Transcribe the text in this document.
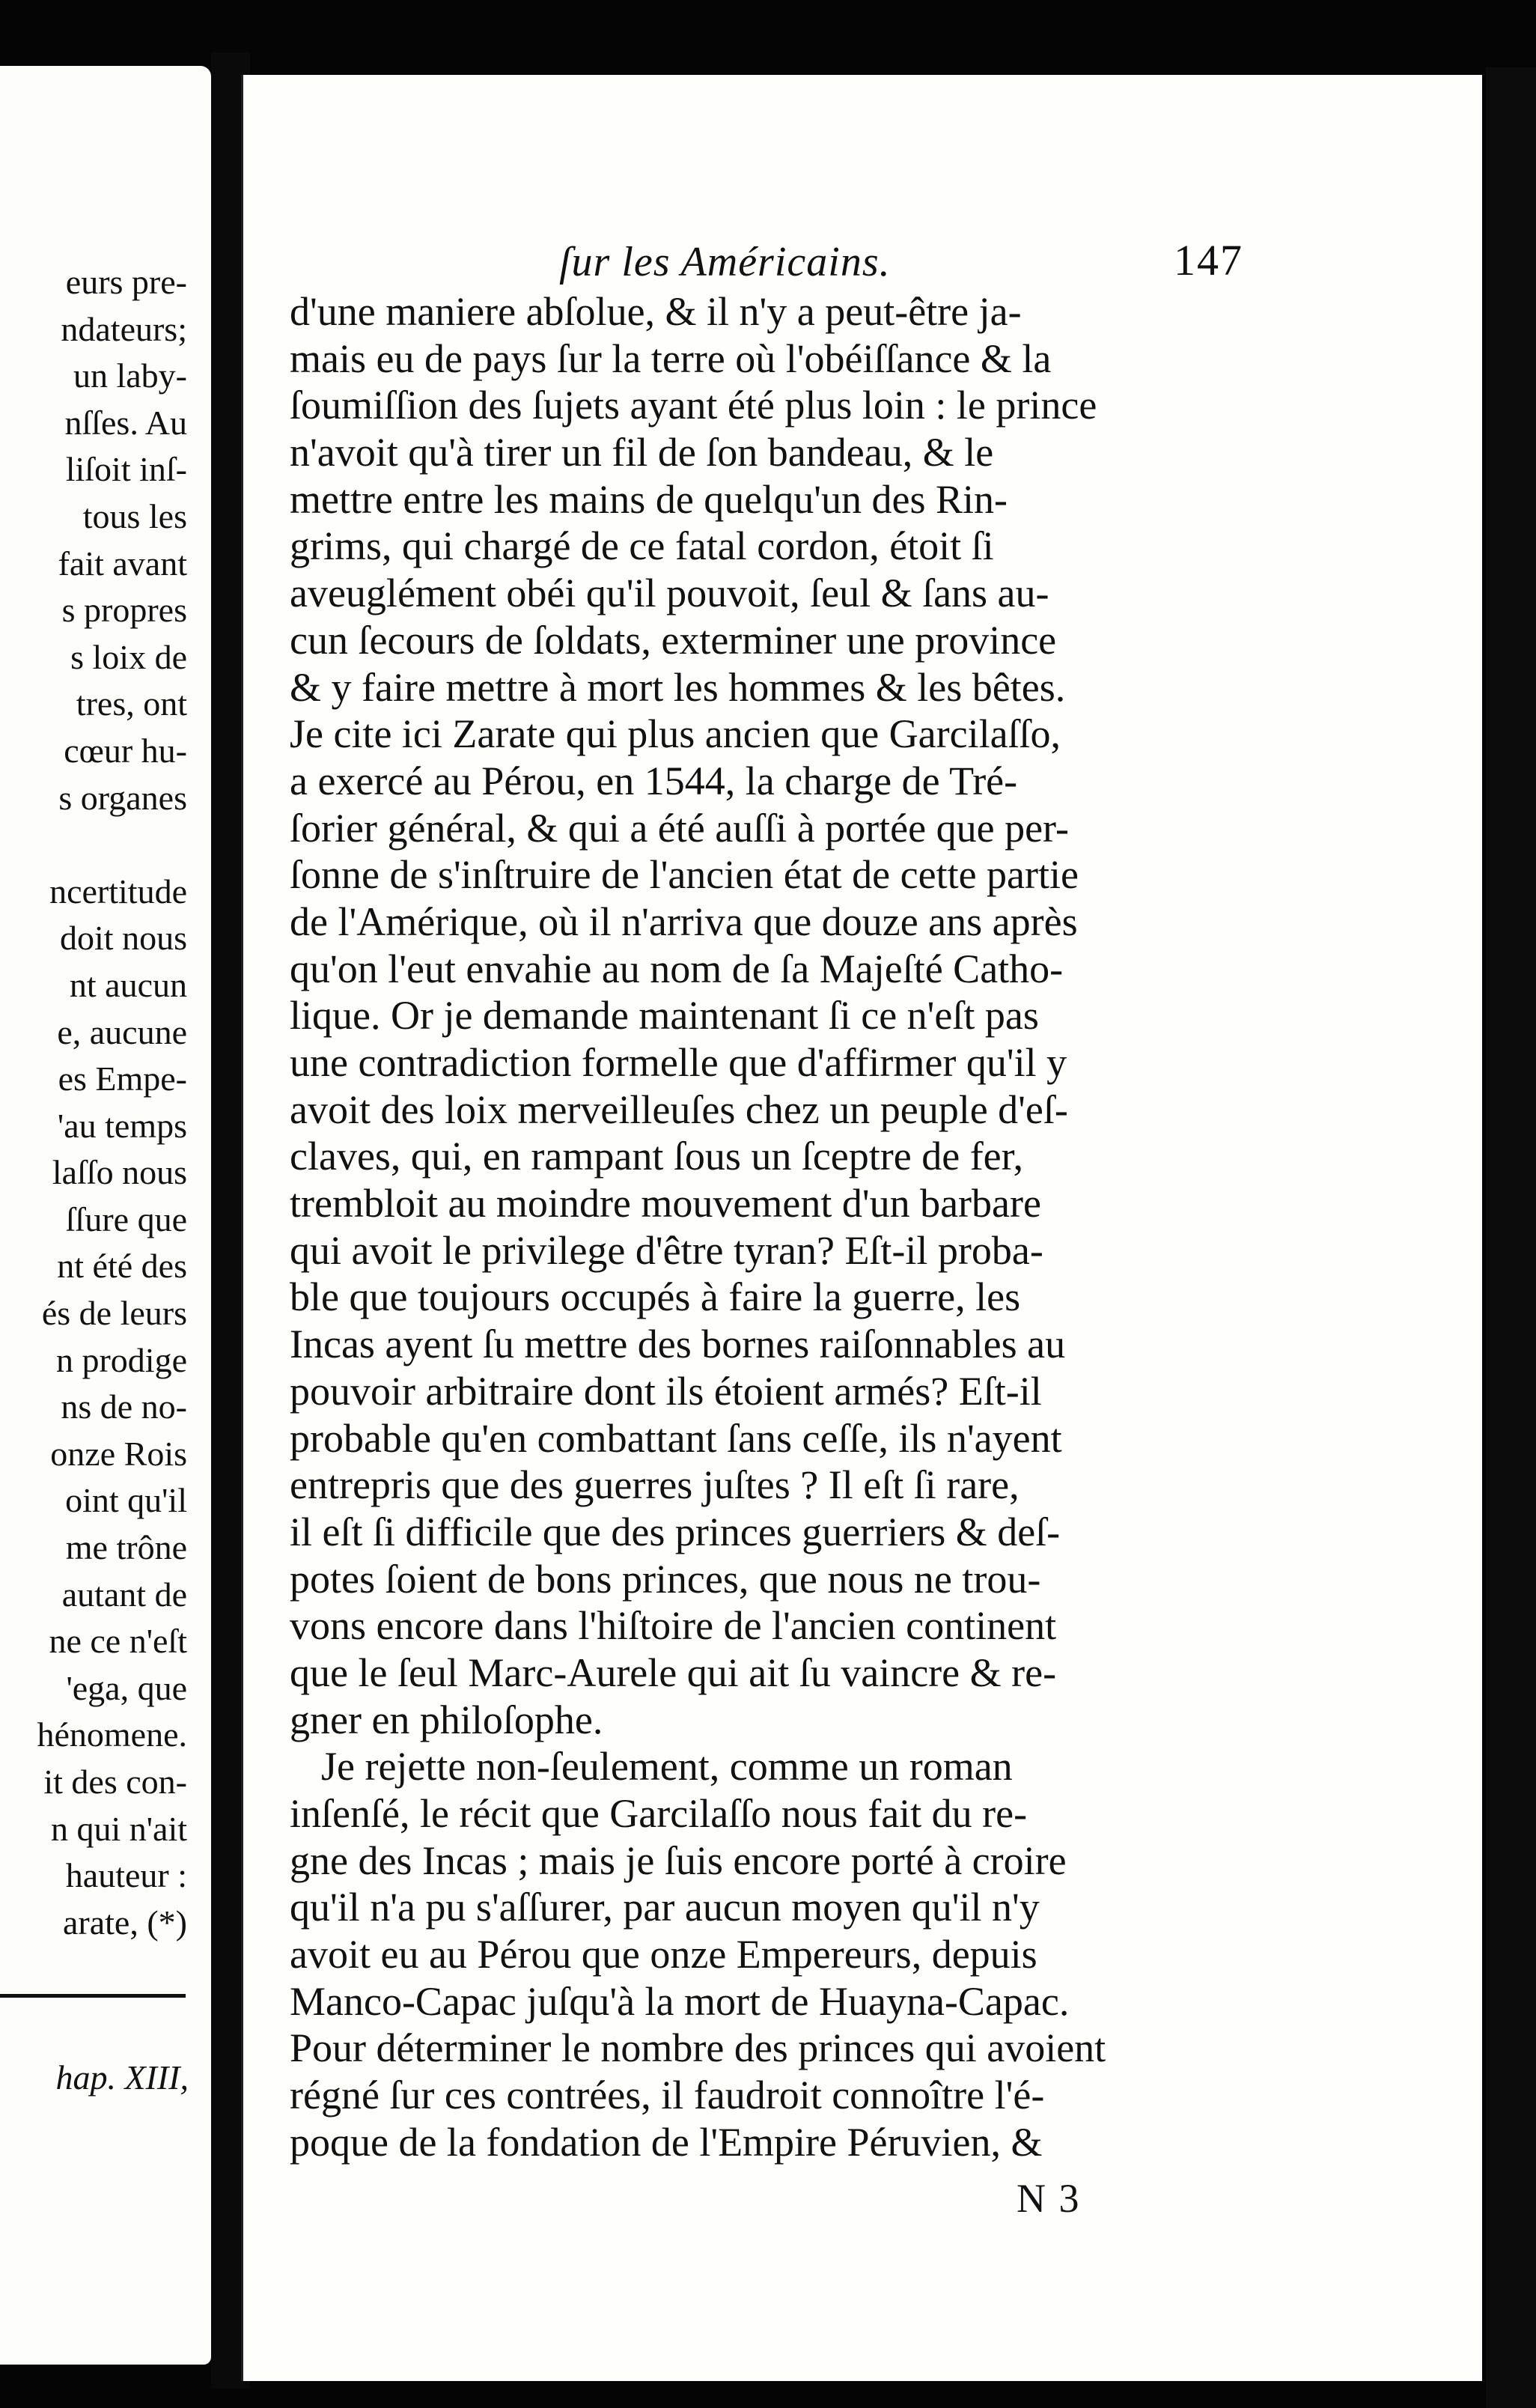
eurs pre-
ndateurs;
un laby-
nſſes. Au
liſoit inſ-
tous les
fait avant
s propres
s loix de
tres, ont
cœur hu-
s organes
ncertitude
doit nous
nt aucun
e, aucune
es Empe-
'au temps
laſſo nous
ſſure que
nt été des
és de leurs
n prodige
ns de no-
onze Rois
oint qu'il
me trône
autant de
ne ce n'eſt
'ega, que
hénomene.
it des con-
n qui n'ait
hauteur :
arate, (*)
hap. XIII,
ſur les Américains.	147
d'une maniere abſolue, & il n'y a peut-être ja-
mais eu de pays ſur la terre où l'obéiſſance & la
ſoumiſſion des ſujets ayant été plus loin : le prince
n'avoit qu'à tirer un fil de ſon bandeau, & le
mettre entre les mains de quelqu'un des Rin-
grims, qui chargé de ce fatal cordon, étoit ſi
aveuglément obéi qu'il pouvoit, ſeul & ſans au-
cun ſecours de ſoldats, exterminer une province
& y faire mettre à mort les hommes & les bêtes.
Je cite ici Zarate qui plus ancien que Garcilaſſo,
a exercé au Pérou, en 1544, la charge de Tré-
ſorier général, & qui a été auſſi à portée que per-
ſonne de s'inſtruire de l'ancien état de cette partie
de l'Amérique, où il n'arriva que douze ans après
qu'on l'eut envahie au nom de ſa Majeſté Catho-
lique. Or je demande maintenant ſi ce n'eſt pas
une contradiction formelle que d'affirmer qu'il y
avoit des loix merveilleuſes chez un peuple d'eſ-
claves, qui, en rampant ſous un ſceptre de fer,
trembloit au moindre mouvement d'un barbare
qui avoit le privilege d'être tyran? Eſt-il proba-
ble que toujours occupés à faire la guerre, les
Incas ayent ſu mettre des bornes raiſonnables au
pouvoir arbitraire dont ils étoient armés? Eſt-il
probable qu'en combattant ſans ceſſe, ils n'ayent
entrepris que des guerres juſtes ? Il eſt ſi rare,
il eſt ſi difficile que des princes guerriers & deſ-
potes ſoient de bons princes, que nous ne trou-
vons encore dans l'hiſtoire de l'ancien continent
que le ſeul Marc-Aurele qui ait ſu vaincre & re-
gner en philoſophe.
Je rejette non-ſeulement, comme un roman
inſenſé, le récit que Garcilaſſo nous fait du re-
gne des Incas ; mais je ſuis encore porté à croire
qu'il n'a pu s'aſſurer, par aucun moyen qu'il n'y
avoit eu au Pérou que onze Empereurs, depuis
Manco-Capac juſqu'à la mort de Huayna-Capac.
Pour déterminer le nombre des princes qui avoient
régné ſur ces contrées, il faudroit connoître l'é-
poque de la fondation de l'Empire Péruvien, &
N 3
